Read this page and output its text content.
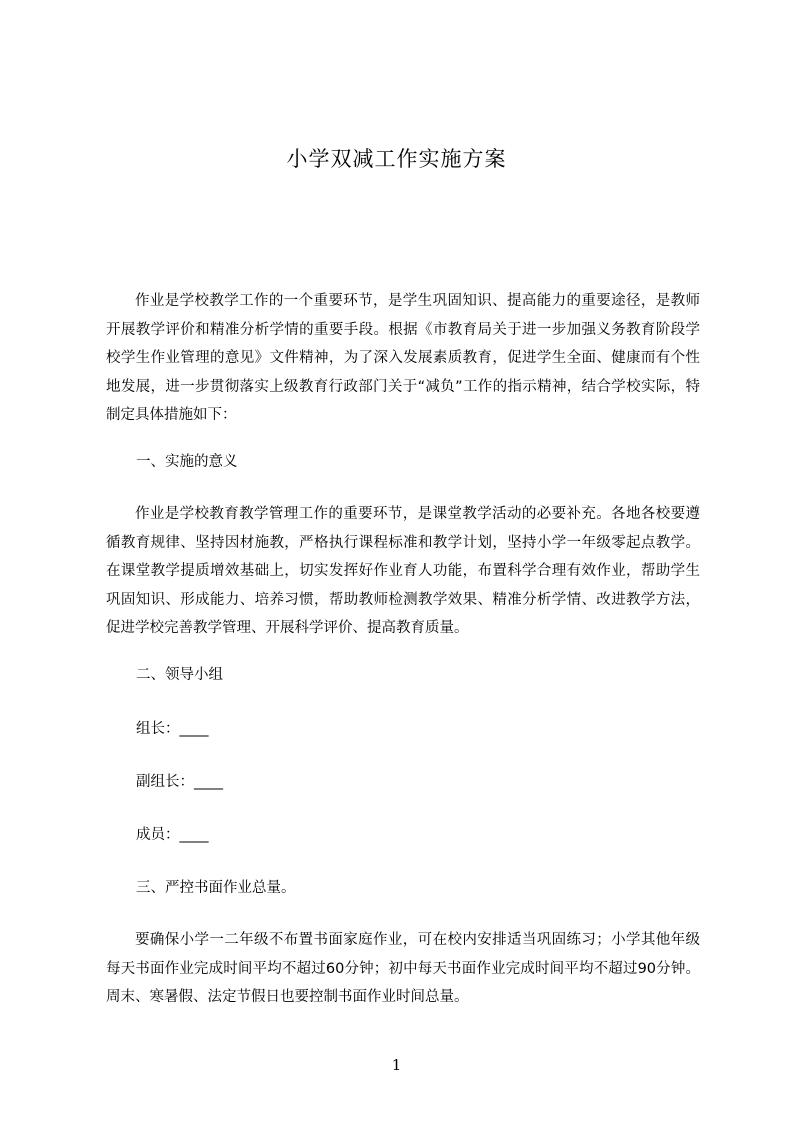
小学双减工作实施方案

作业是学校教学工作的一个重要环节，是学生巩固知识、提高能力的重要途径，是教师开展教学评价和精准分析学情的重要手段。根据《市教育局关于进一步加强义务教育阶段学校学生作业管理的意见》文件精神，为了深入发展素质教育，促进学生全面、健康而有个性地发展，进一步贯彻落实上级教育行政部门关于“减负”工作的指示精神，结合学校实际，特制定具体措施如下：

一、实施的意义

作业是学校教育教学管理工作的重要环节，是课堂教学活动的必要补充。各地各校要遵循教育规律、坚持因材施教，严格执行课程标准和教学计划，坚持小学一年级零起点教学。在课堂教学提质增效基础上，切实发挥好作业育人功能，布置科学合理有效作业，帮助学生巩固知识、形成能力、培养习惯，帮助教师检测教学效果、精准分析学情、改进教学方法，促进学校完善教学管理、开展科学评价、提高教育质量。

二、领导小组

组长：____

副组长：____

成员：____

三、严控书面作业总量。

要确保小学一二年级不布置书面家庭作业，可在校内安排适当巩固练习；小学其他年级每天书面作业完成时间平均不超过60分钟；初中每天书面作业完成时间平均不超过90分钟。周末、寒暑假、法定节假日也要控制书面作业时间总量。

1
